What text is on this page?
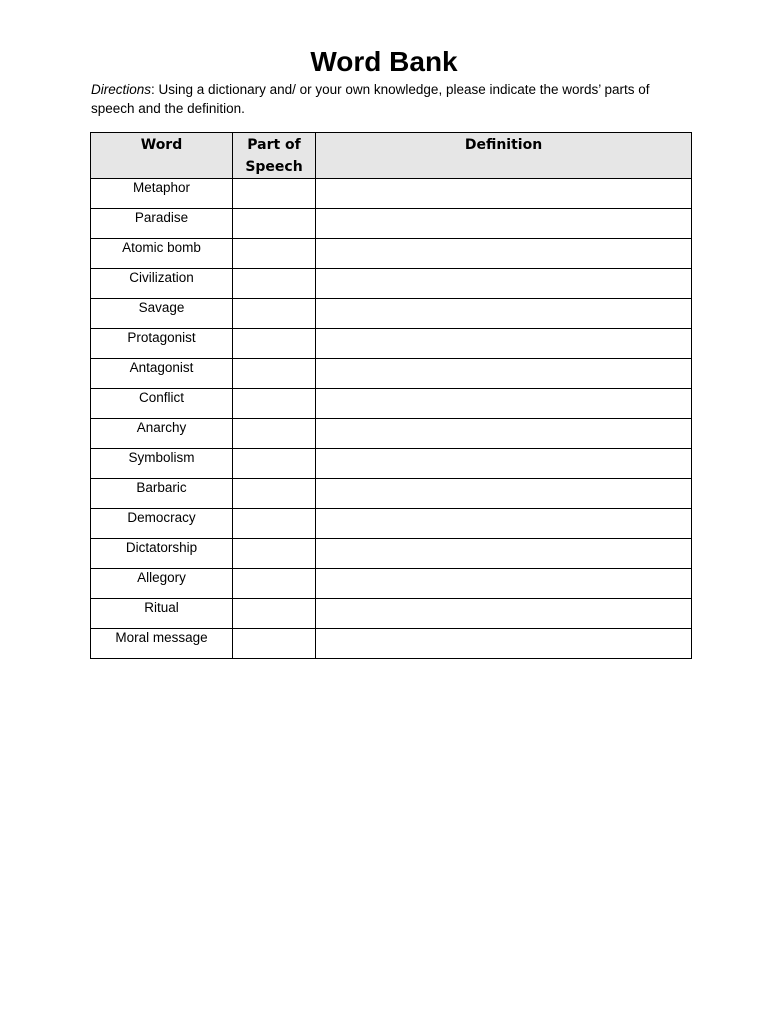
Word Bank

Directions: Using a dictionary and/ or your own knowledge, please indicate the words’ parts of speech and the definition.

Word	Part of Speech	Definition
Metaphor		
Paradise		
Atomic bomb		
Civilization		
Savage		
Protagonist		
Antagonist		
Conflict		
Anarchy		
Symbolism		
Barbaric		
Democracy		
Dictatorship		
Allegory		
Ritual		
Moral message		
